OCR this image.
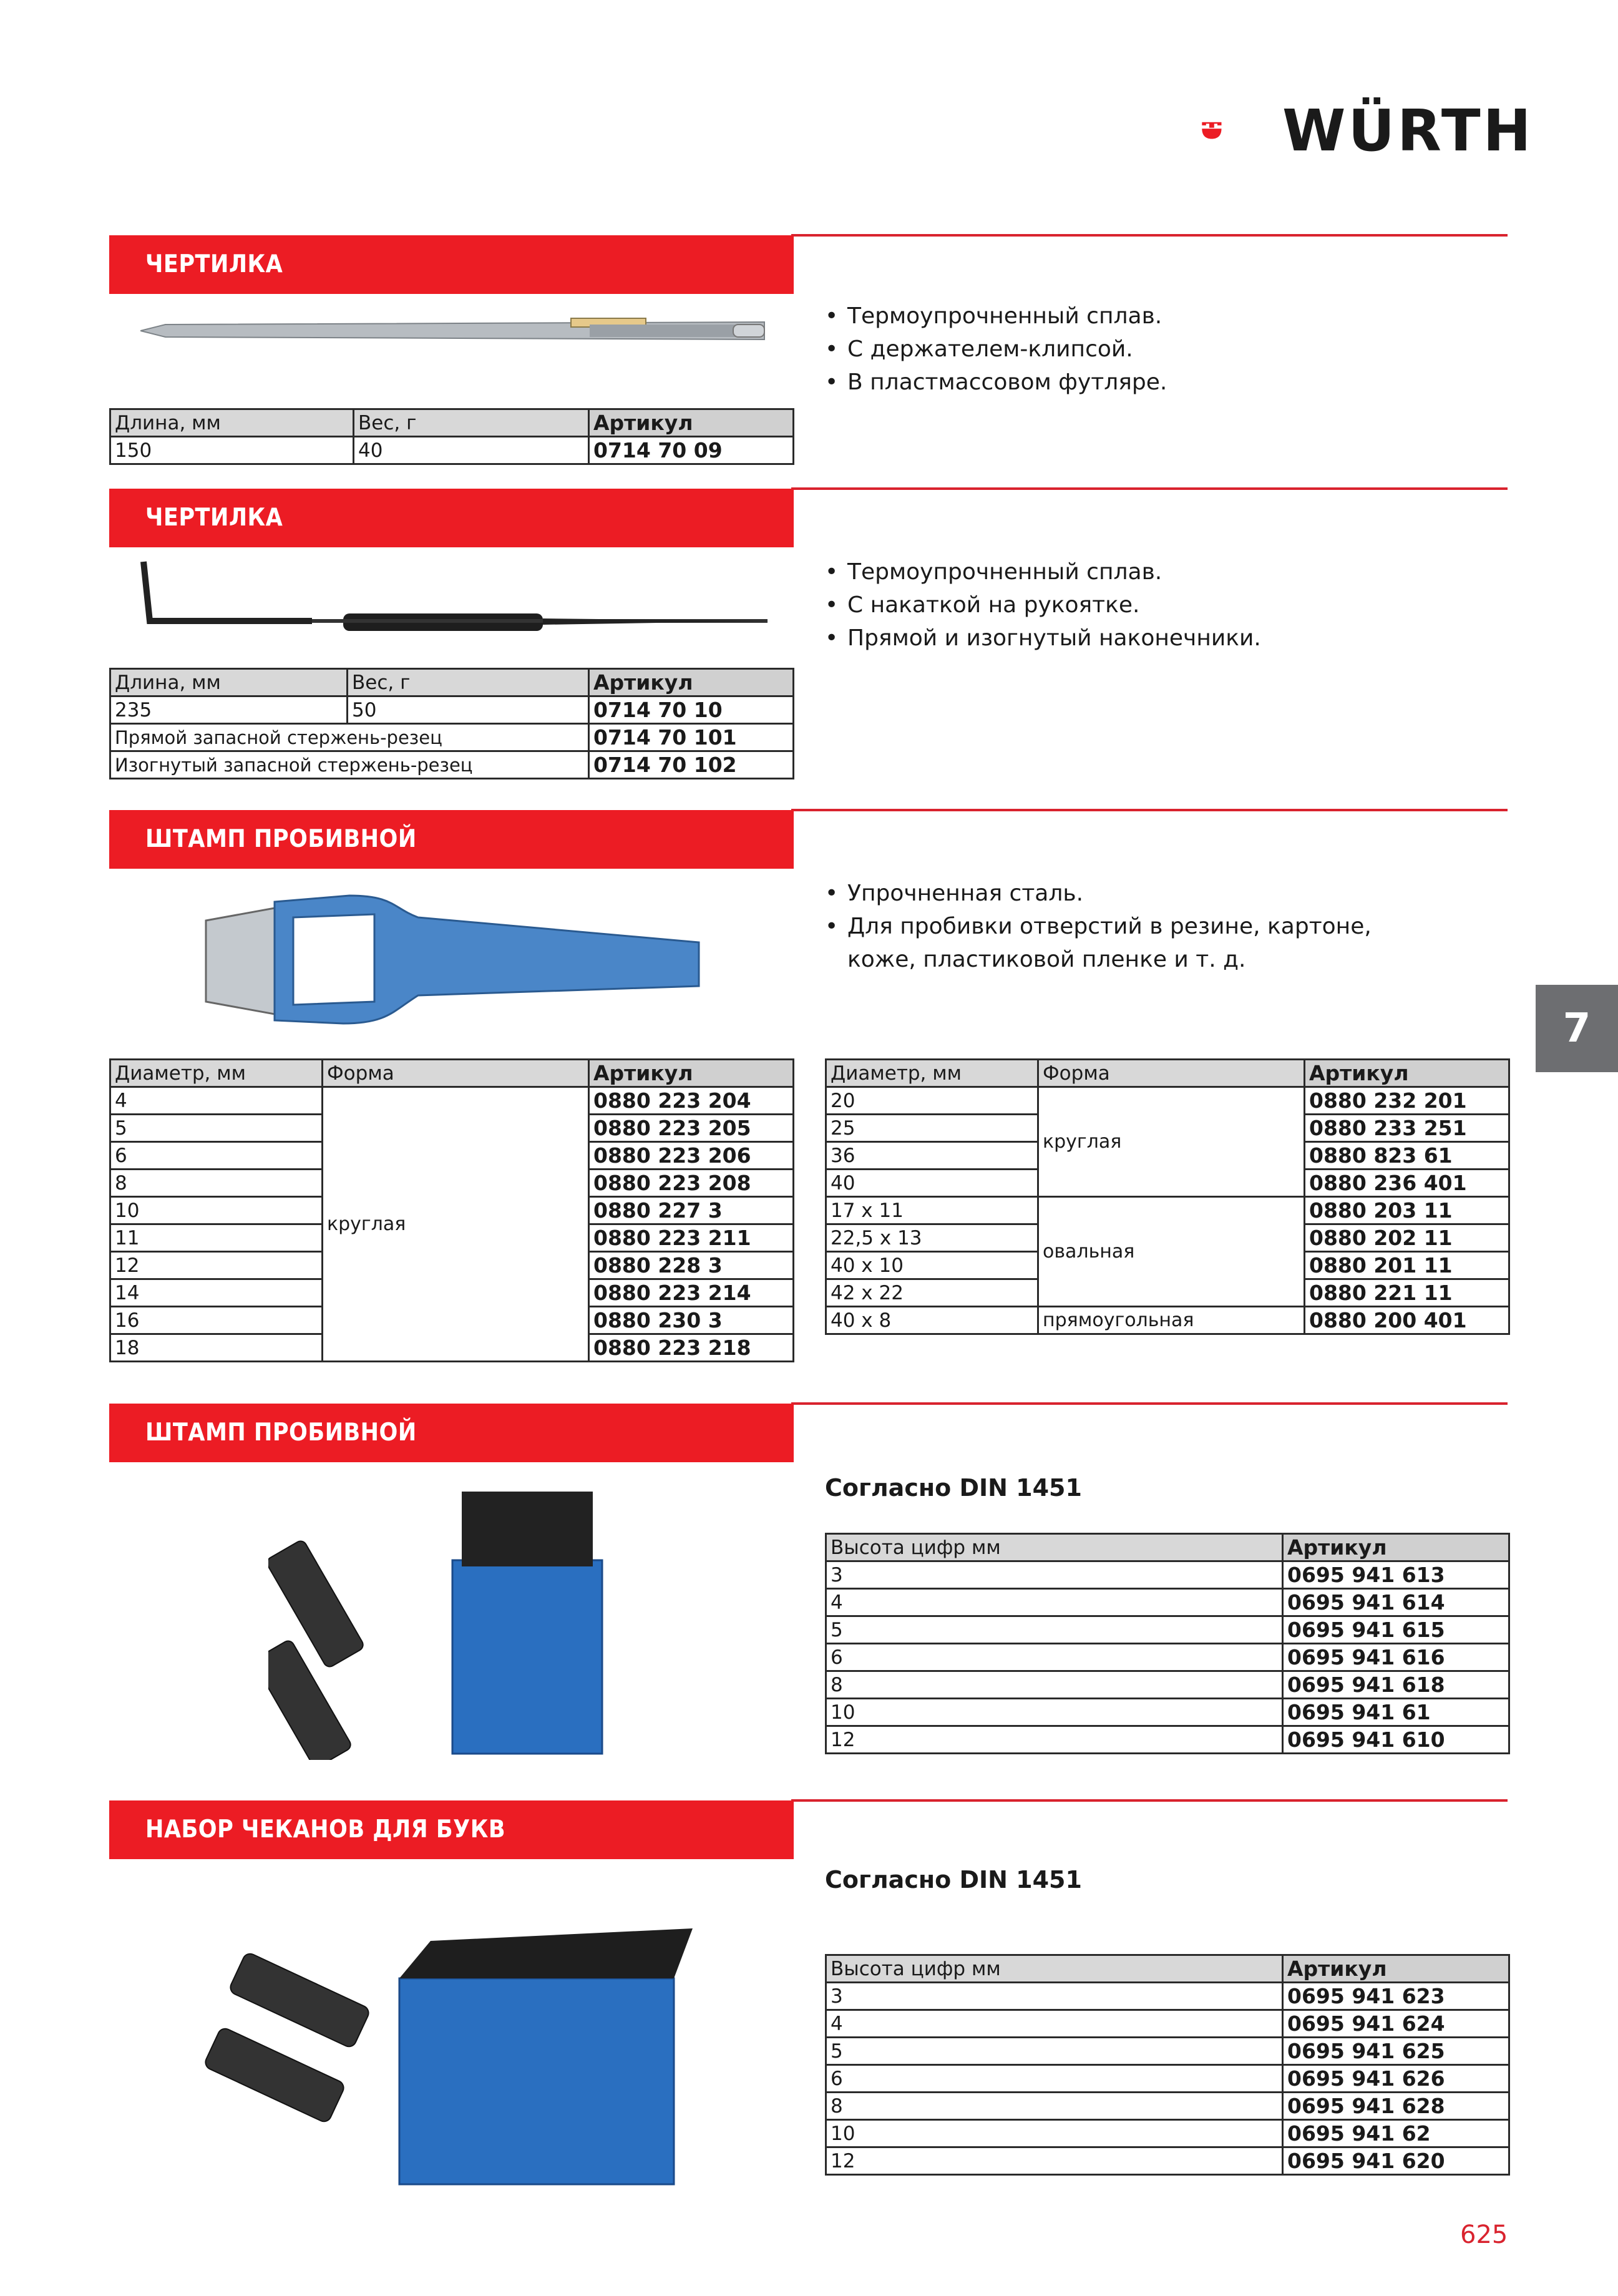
WÜRTH
ЧЕРТИЛКА
• Термоупрочненный сплав.
• С держателем-клипсой.
• В пластмассовом футляре.
Длина, мм	Вес, г	Артикул
150	40	0714 70 09
ЧЕРТИЛКА
• Термоупрочненный сплав.
• С накаткой на рукоятке.
• Прямой и изогнутый наконечники.
Длина, мм	Вес, г	Артикул
235	50	0714 70 10
Прямой запасной стержень-резец		0714 70 101
Изогнутый запасной стержень-резец		0714 70 102
ШТАМП ПРОБИВНОЙ
• Упрочненная сталь.
• Для пробивки отверстий в резине, картоне, коже, пластиковой пленке и т. д.
Диаметр, мм	Форма	Артикул
4	круглая	0880 223 204
5		0880 223 205
6		0880 223 206
8		0880 223 208
10		0880 227 3
11		0880 223 211
12		0880 228 3
14		0880 223 214
16		0880 230 3
18		0880 223 218
Диаметр, мм	Форма	Артикул
20	круглая	0880 232 201
25		0880 233 251
36		0880 823 61
40		0880 236 401
17 x 11	овальная	0880 203 11
22,5 x 13		0880 202 11
40 x 10		0880 201 11
42 x 22		0880 221 11
40 x 8	прямоугольная	0880 200 401
7
ШТАМП ПРОБИВНОЙ
Согласно DIN 1451
Высота цифр мм	Артикул
3	0695 941 613
4	0695 941 614
5	0695 941 615
6	0695 941 616
8	0695 941 618
10	0695 941 61
12	0695 941 610
НАБОР ЧЕКАНОВ ДЛЯ БУКВ
Согласно DIN 1451
Высота цифр мм	Артикул
3	0695 941 623
4	0695 941 624
5	0695 941 625
6	0695 941 626
8	0695 941 628
10	0695 941 62
12	0695 941 620
625
